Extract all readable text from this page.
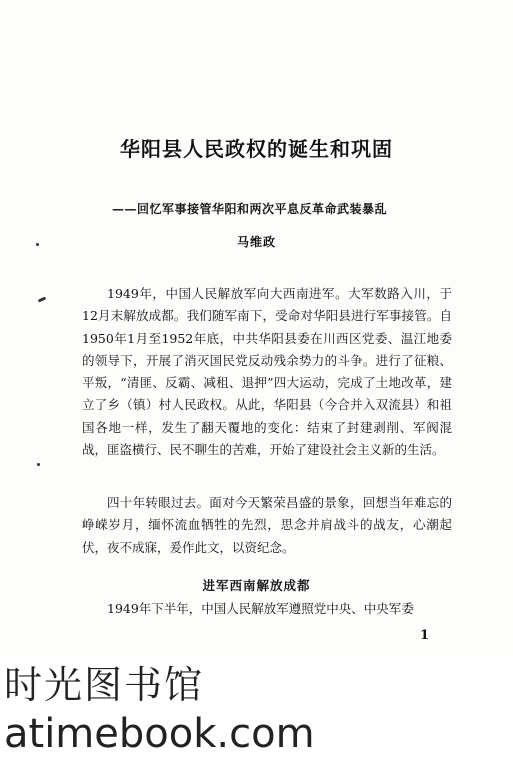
华阳县人民政权的诞生和巩固
——回忆军事接管华阳和两次平息反革命武装暴乱
马维政

1949年，中国人民解放军向大西南进军。大军数路入川，于12月末解放成都。我们随军南下，受命对华阳县进行军事接管。自1950年1月至1952年底，中共华阳县委在川西区党委、温江地委的领导下，开展了消灭国民党反动残余势力的斗争。进行了征粮、平叛，“清匪、反霸、减租、退押”四大运动，完成了土地改革，建立了乡（镇）村人民政权。从此，华阳县（今合并入双流县）和祖国各地一样，发生了翻天覆地的变化：结束了封建剥削、军阀混战，匪盗横行、民不聊生的苦难，开始了建设社会主义新的生活。

四十年转眼过去。面对今天繁荣昌盛的景象，回想当年难忘的峥嵘岁月，缅怀流血牺牲的先烈，思念并肩战斗的战友，心潮起伏，夜不成寐，爰作此文，以资纪念。

进军西南解放成都

1949年下半年，中国人民解放军遵照党中央、中央军委

1
时光图书馆
atimebook.com
